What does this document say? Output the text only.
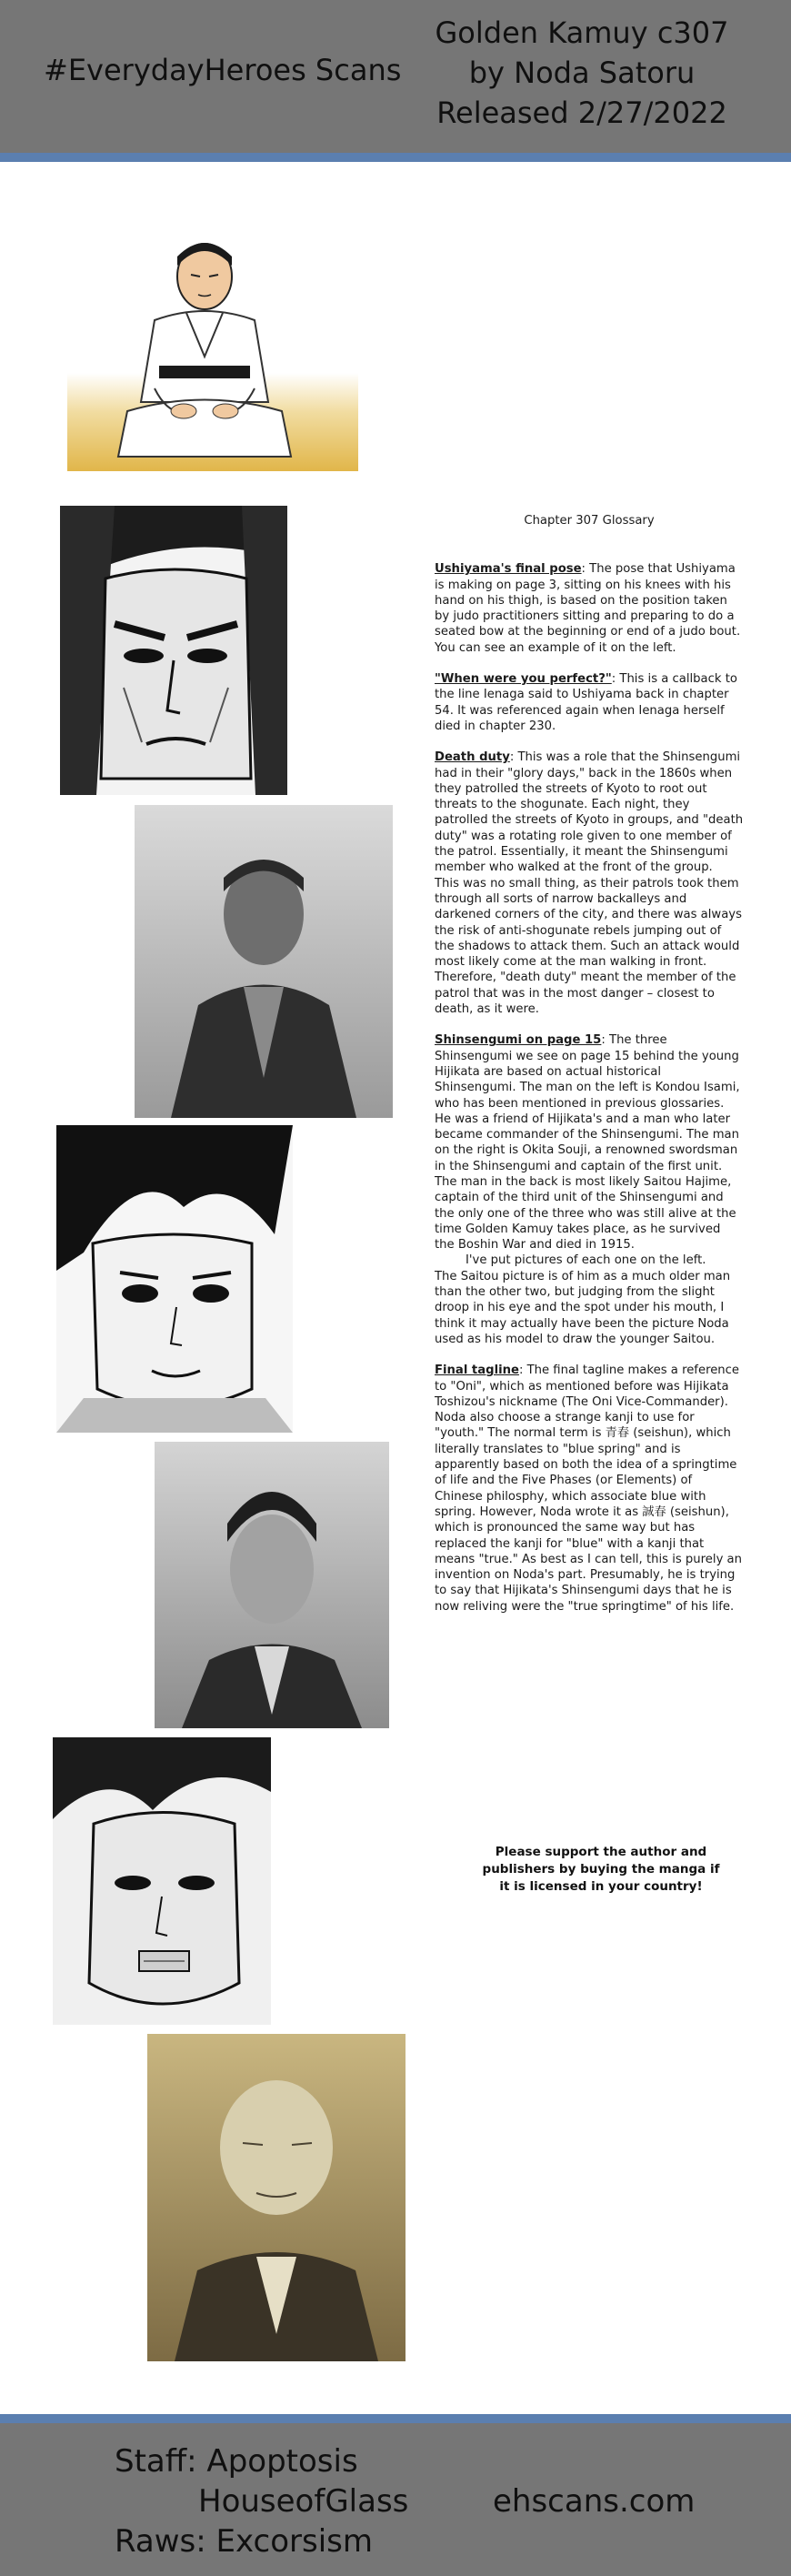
#EverydayHeroes Scans
Golden Kamuy c307
by Noda Satoru
Released 2/27/2022
Chapter 307 Glossary

Ushiyama's final pose: The pose that Ushiyama is making on page 3, sitting on his knees with his hand on his thigh, is based on the position taken by judo practitioners sitting and preparing to do a seated bow at the beginning or end of a judo bout. You can see an example of it on the left.

"When were you perfect?": This is a callback to the line Ienaga said to Ushiyama back in chapter 54. It was referenced again when Ienaga herself died in chapter 230.

Death duty: This was a role that the Shinsengumi had in their "glory days," back in the 1860s when they patrolled the streets of Kyoto to root out threats to the shogunate. Each night, they patrolled the streets of Kyoto in groups, and "death duty" was a rotating role given to one member of the patrol. Essentially, it meant the Shinsengumi member who walked at the front of the group.

This was no small thing, as their patrols took them through all sorts of narrow backalleys and darkened corners of the city, and there was always the risk of anti-shogunate rebels jumping out of the shadows to attack them. Such an attack would most likely come at the man walking in front. Therefore, "death duty" meant the member of the patrol that was in the most danger – closest to death, as it were.

Shinsengumi on page 15: The three Shinsengumi we see on page 15 behind the young Hijikata are based on actual historical Shinsengumi. The man on the left is Kondou Isami, who has been mentioned in previous glossaries. He was a friend of Hijikata's and a man who later became commander of the Shinsengumi. The man on the right is Okita Souji, a renowned swordsman in the Shinsengumi and captain of the first unit. The man in the back is most likely Saitou Hajime, captain of the third unit of the Shinsengumi and the only one of the three who was still alive at the time Golden Kamuy takes place, as he survived the Boshin War and died in 1915.

I've put pictures of each one on the left.

The Saitou picture is of him as a much older man than the other two, but judging from the slight droop in his eye and the spot under his mouth, I think it may actually have been the picture Noda used as his model to draw the younger Saitou.

Final tagline: The final tagline makes a reference to "Oni", which as mentioned before was Hijikata Toshizou's nickname (The Oni Vice-Commander). Noda also choose a strange kanji to use for "youth." The normal term is 青春 (seishun), which literally translates to "blue spring" and is apparently based on both the idea of a springtime of life and the Five Phases (or Elements) of Chinese philosphy, which associate blue with spring. However, Noda wrote it as 誠春 (seishun), which is pronounced the same way but has replaced the kanji for "blue" with a kanji that means "true." As best as I can tell, this is purely an invention on Noda's part. Presumably, he is trying to say that Hijikata's Shinsengumi days that he is now reliving were the "true springtime" of his life.

Please support the author and
publishers by buying the manga if
it is licensed in your country!
Staff: Apoptosis
HouseofGlass
Raws: Excorsism
ehscans.com
